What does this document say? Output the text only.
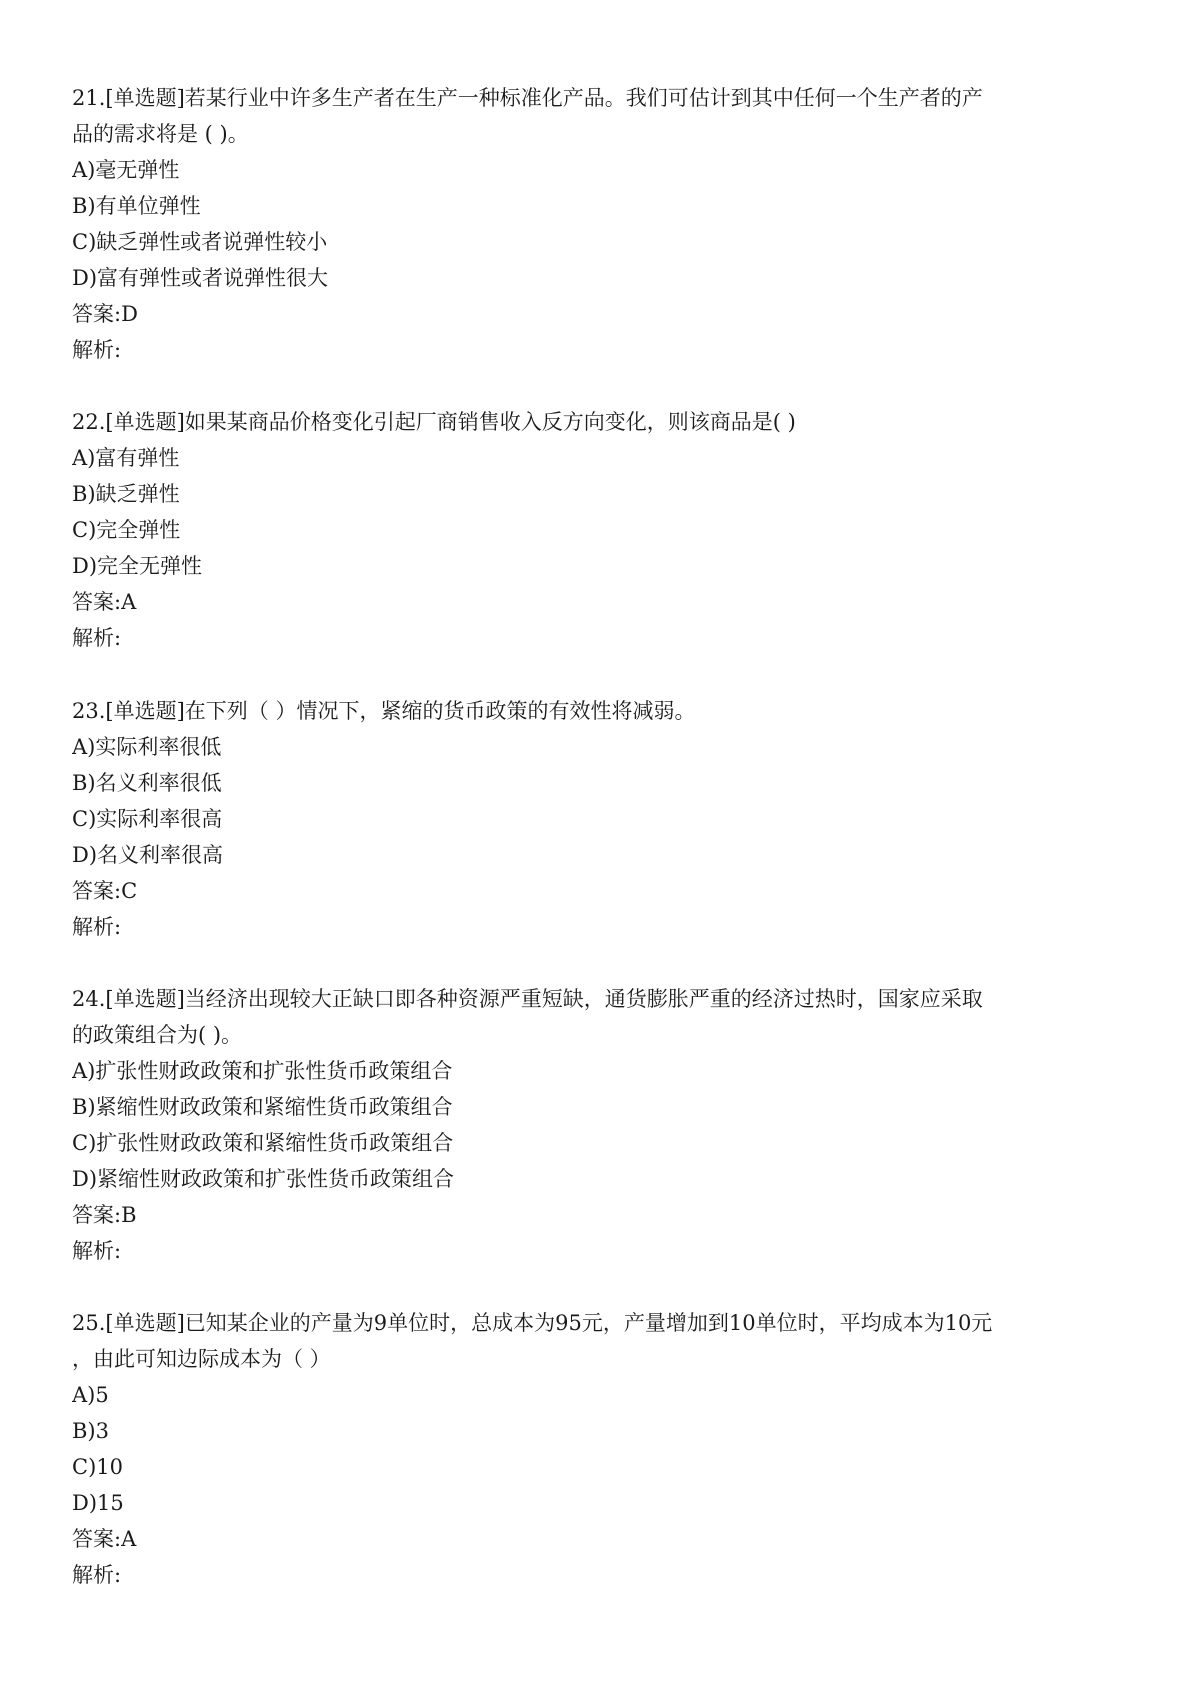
21.[单选题]若某行业中许多生产者在生产一种标准化产品。我们可估计到其中任何一个生产者的产
品的需求将是 ( )。
A)毫无弹性
B)有单位弹性
C)缺乏弹性或者说弹性较小
D)富有弹性或者说弹性很大
答案:D
解析:
22.[单选题]如果某商品价格变化引起厂商销售收入反方向变化，则该商品是( )
A)富有弹性
B)缺乏弹性
C)完全弹性
D)完全无弹性
答案:A
解析:
23.[单选题]在下列（ ）情况下，紧缩的货币政策的有效性将减弱。
A)实际利率很低
B)名义利率很低
C)实际利率很高
D)名义利率很高
答案:C
解析:
24.[单选题]当经济出现较大正缺口即各种资源严重短缺，通货膨胀严重的经济过热时，国家应采取
的政策组合为( )。
A)扩张性财政政策和扩张性货币政策组合
B)紧缩性财政政策和紧缩性货币政策组合
C)扩张性财政政策和紧缩性货币政策组合
D)紧缩性财政政策和扩张性货币政策组合
答案:B
解析:
25.[单选题]已知某企业的产量为9单位时，总成本为95元，产量增加到10单位时，平均成本为10元
，由此可知边际成本为（ ）
A)5
B)3
C)10
D)15
答案:A
解析:
